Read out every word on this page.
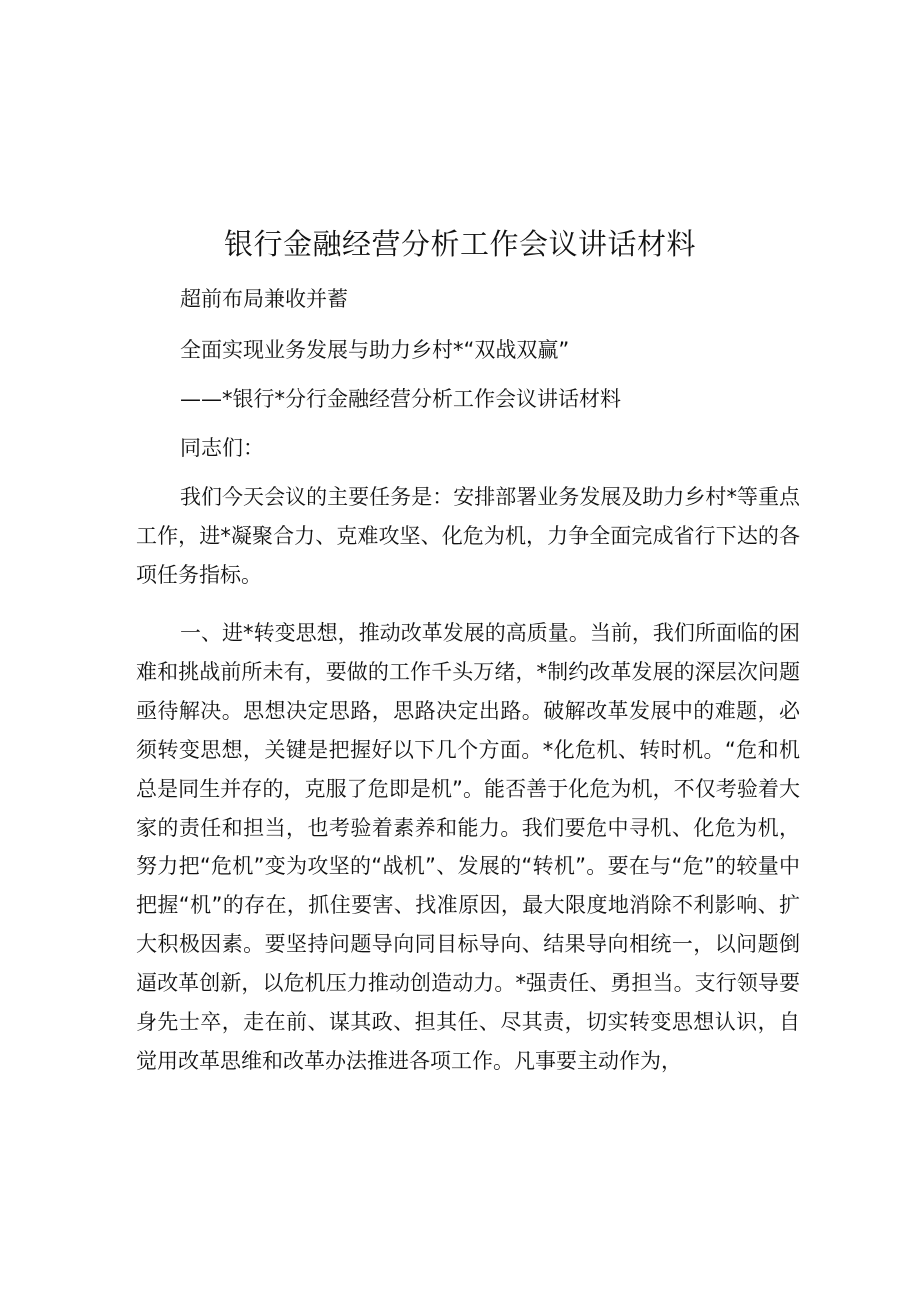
银行金融经营分析工作会议讲话材料
超前布局兼收并蓄
全面实现业务发展与助力乡村*“双战双赢”
——*银行*分行金融经营分析工作会议讲话材料
同志们：

我们今天会议的主要任务是：安排部署业务发展及助力乡村*等重点工作，进*凝聚合力、克难攻坚、化危为机，力争全面完成省行下达的各项任务指标。

一、进*转变思想，推动改革发展的高质量。当前，我们所面临的困难和挑战前所未有，要做的工作千头万绪，*制约改革发展的深层次问题亟待解决。思想决定思路，思路决定出路。破解改革发展中的难题，必须转变思想，关键是把握好以下几个方面。*化危机、转时机。“危和机总是同生并存的，克服了危即是机”。能否善于化危为机，不仅考验着大家的责任和担当，也考验着素养和能力。我们要危中寻机、化危为机，努力把“危机”变为攻坚的“战机”、发展的“转机”。要在与“危”的较量中把握“机”的存在，抓住要害、找准原因，最大限度地消除不利影响、扩大积极因素。要坚持问题导向同目标导向、结果导向相统一，以问题倒逼改革创新，以危机压力推动创造动力。*强责任、勇担当。支行领导要身先士卒，走在前、谋其政、担其任、尽其责，切实转变思想认识，自觉用改革思维和改革办法推进各项工作。凡事要主动作为，
